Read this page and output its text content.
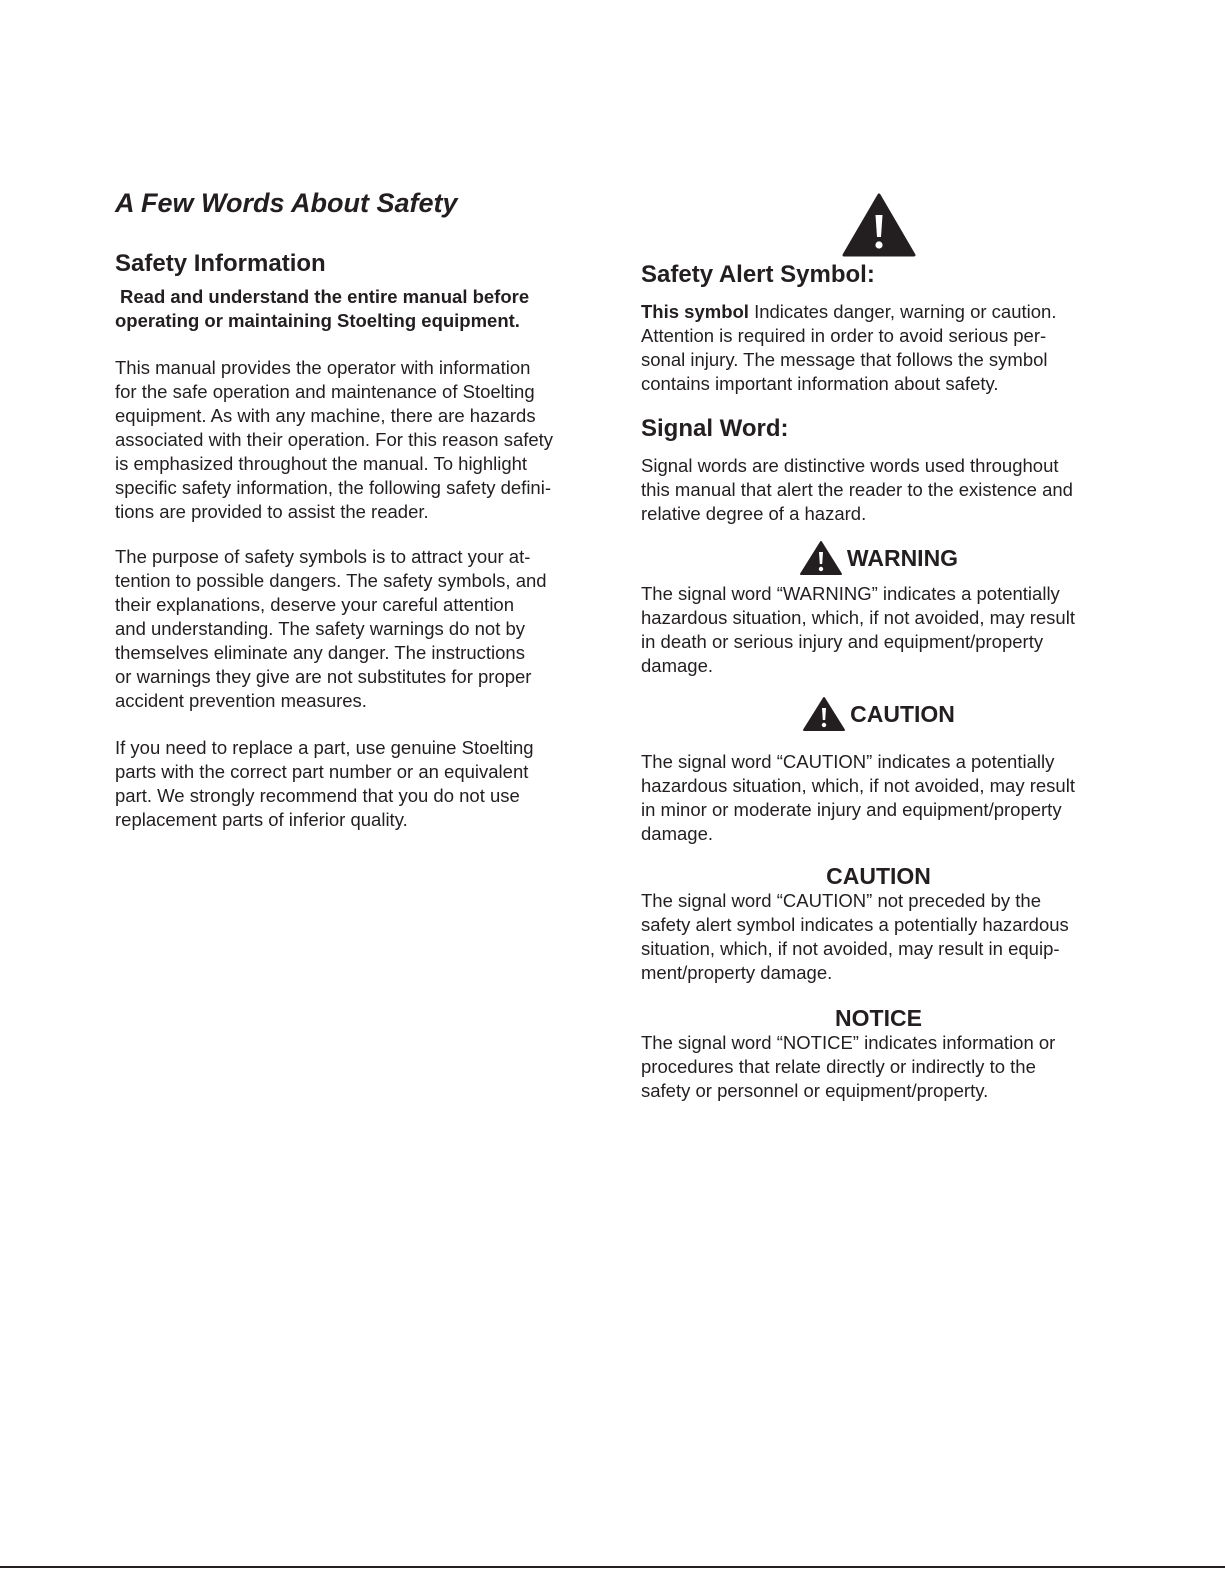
A Few Words About Safety
Safety Information

Read and understand the entire manual before

operating or maintaining Stoelting equipment.

This manual provides the operator with information

for the safe operation and maintenance of Stoelting

equipment. As with any machine, there are hazards

associated with their operation. For this reason safety

is emphasized throughout the manual. To highlight

specific safety information, the following safety defini-

tions are provided to assist the reader.

The purpose of safety symbols is to attract your at-

tention to possible dangers. The safety symbols, and

their explanations, deserve your careful attention

and understanding. The safety warnings do not by

themselves eliminate any danger. The instructions

or warnings they give are not substitutes for proper

accident prevention measures.

If you need to replace a part, use genuine Stoelting

parts with the correct part number or an equivalent

part. We strongly recommend that you do not use

replacement parts of inferior quality.

Safety Alert Symbol:

This symbol Indicates danger, warning or caution.

Attention is required in order to avoid serious per-

sonal injury. The message that follows the symbol

contains important information about safety.

Signal Word:

Signal words are distinctive words used throughout

this manual that alert the reader to the existence and

relative degree of a hazard.

WARNING

The signal word “WARNING” indicates a potentially

hazardous situation, which, if not avoided, may result

in death or serious injury and equipment/property

damage.

CAUTION

The signal word “CAUTION” indicates a potentially

hazardous situation, which, if not avoided, may result

in minor or moderate injury and equipment/property

damage.

CAUTION

The signal word “CAUTION” not preceded by the

safety alert symbol indicates a potentially hazardous

situation, which, if not avoided, may result in equip-

ment/property damage.

NOTICE

The signal word “NOTICE” indicates information or

procedures that relate directly or indirectly to the

safety or personnel or equipment/property.
